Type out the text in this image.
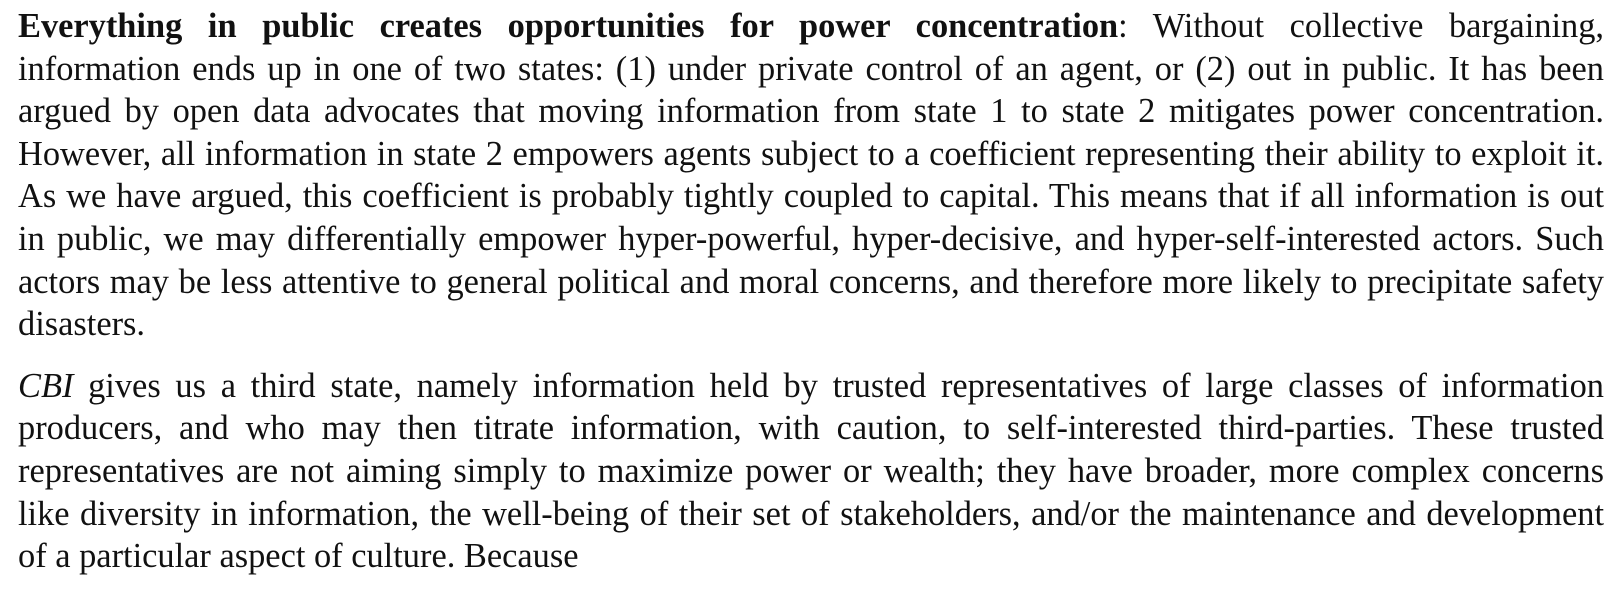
Everything in public creates opportunities for power concentration: Without collective bargaining, information ends up in one of two states: (1) under private control of an agent, or (2) out in public. It has been argued by open data advocates that moving information from state 1 to state 2 mitigates power concentration. However, all information in state 2 empowers agents subject to a coefficient representing their ability to exploit it. As we have argued, this coefficient is probably tightly coupled to capital. This means that if all information is out in public, we may differentially empower hyper-powerful, hyper-decisive, and hyper-self-interested actors. Such actors may be less attentive to general political and moral concerns, and therefore more likely to precipitate safety disasters.

CBI gives us a third state, namely information held by trusted representatives of large classes of information producers, and who may then titrate information, with caution, to self-interested third-parties. These trusted representatives are not aiming simply to maximize power or wealth; they have broader, more complex concerns like diversity in information, the well-being of their set of stakeholders, and/or the maintenance and development of a particular aspect of culture. Because
